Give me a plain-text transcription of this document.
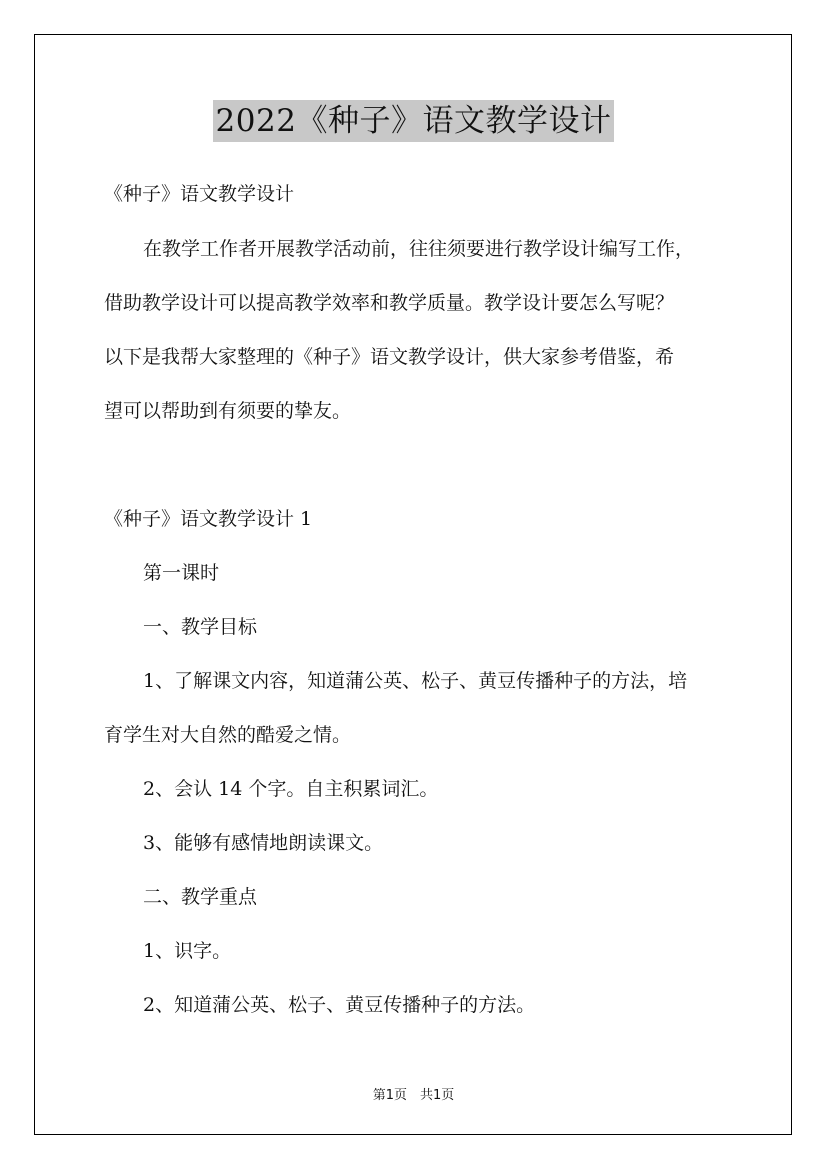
2022《种子》语文教学设计
《种子》语文教学设计
在教学工作者开展教学活动前，往往须要进行教学设计编写工作，
借助教学设计可以提高教学效率和教学质量。教学设计要怎么写呢？
以下是我帮大家整理的《种子》语文教学设计，供大家参考借鉴，希
望可以帮助到有须要的挚友。
《种子》语文教学设计 1
第一课时
一、教学目标
1、了解课文内容，知道蒲公英、松子、黄豆传播种子的方法，培
育学生对大自然的酷爱之情。
2、会认 14 个字。自主积累词汇。
3、能够有感情地朗读课文。
二、教学重点
1、识字。
2、知道蒲公英、松子、黄豆传播种子的方法。
第1页　共1页
